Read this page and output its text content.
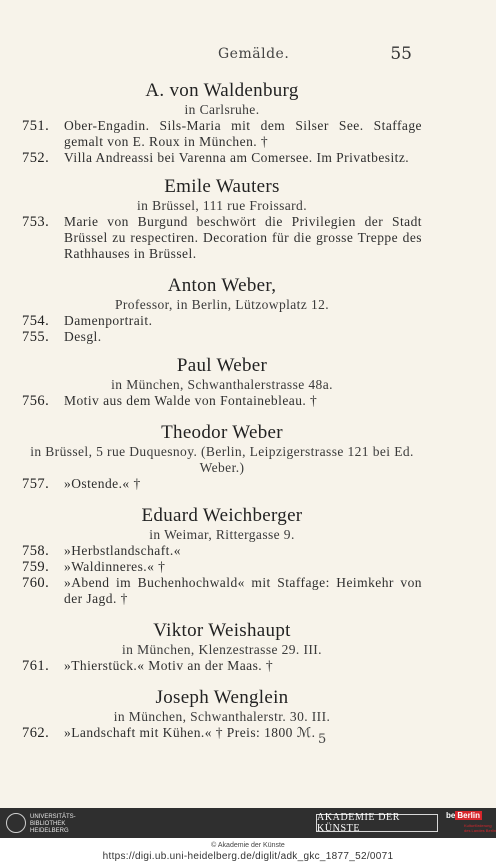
Gemälde.	55
A. von Waldenburg
in Carlsruhe.
751.	Ober-Engadin. Sils-Maria mit dem Silser See. Staffage gemalt von E. Roux in München. †
752.	Villa Andreassi bei Varenna am Comersee. Im Privatbesitz.
Emile Wauters
in Brüssel, 111 rue Froissard.
753.	Marie von Burgund beschwört die Privilegien der Stadt Brüssel zu respectiren. Decoration für die grosse Treppe des Rathhauses in Brüssel.
Anton Weber,
Professor, in Berlin, Lützowplatz 12.
754.	Damenportrait.
755.	Desgl.
Paul Weber
in München, Schwanthalerstrasse 48a.
756.	Motiv aus dem Walde von Fontainebleau. †
Theodor Weber
in Brüssel, 5 rue Duquesnoy. (Berlin, Leipzigerstrasse 121 bei Ed. Weber.)
757.	»Ostende.« †
Eduard Weichberger
in Weimar, Rittergasse 9.
758.	»Herbstlandschaft.«
759.	»Waldinneres.« †
760.	»Abend im Buchenhochwald« mit Staffage: Heimkehr von der Jagd. †
Viktor Weishaupt
in München, Klenzestrasse 29. III.
761.	»Thierstück.« Motiv an der Maas. †
Joseph Wenglein
in München, Schwanthalerstr. 30. III.
762.	»Landschaft mit Kühen.« † Preis: 1800 ℳ. 5
UNIVERSITÄTS-
BIBLIOTHEK
HEIDELBERG
AKADEMIE DER KÜNSTE
be Berlin
Kulturförderung
des Landes Berlin
© Akademie der Künste
https://digi.ub.uni-heidelberg.de/diglit/adk_gkc_1877_52/0071
